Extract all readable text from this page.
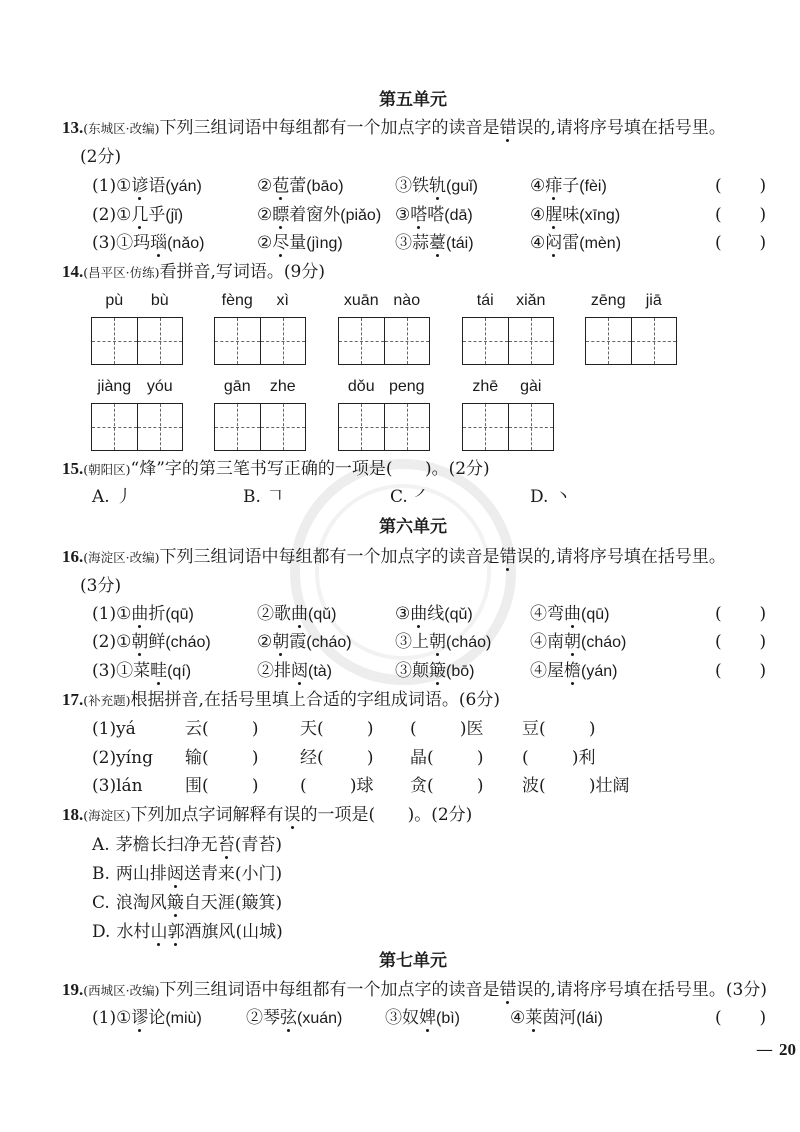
第五单元
13.(东城区·改编)下列三组词语中每组都有一个加点字的读音是错误的,请将序号填在括号里。
(2分)
14.(昌平区·仿练)看拼音,写词语。(9分)
15.(朝阳区)“烽”字的第三笔书写正确的一项是(      )。(2分)
A. 丿	B. 𠃍	C. ㇒	D. 丶
第六单元
16.(海淀区·改编)下列三组词语中每组都有一个加点字的读音是错误的,请将序号填在括号里。
(3分)
17.(补充题)根据拼音,在括号里填上合适的字组成词语。(6分)
18.(海淀区)下列加点字词解释有误的一项是(      )。(2分)
A. 茅檐长扫净无苔(青苔)
B. 两山排闼送青来(小门)
C. 浪淘风簸自天涯(簸箕)
D. 水村山郭酒旗风(山城)
第七单元
19.(西城区·改编)下列三组词语中每组都有一个加点字的读音是错误的,请将序号填在括号里。(3分)
— 20
(1)①谚语(yán)	②苞蕾(bāo)	③铁轨(guǐ)	④痱子(fèi)	(       )
(2)①几乎(jǐ)	②瞟着窗外(piǎo) ③嗒嗒(dā)	④腥味(xīng)	(       )
(3)①玛瑙(nǎo)	②尽量(jìng)	③蒜薹(tái)	④闷雷(mèn)	(       )
(1)①曲折(qū)	②歌曲(qǔ)	③曲线(qǔ)	④弯曲(qū)	(       )
(2)①朝鲜(cháo)	②朝霞(cháo)	③上朝(cháo) ④南朝(cháo)	(       )
(3)①菜畦(qí)	②排闼(tà)	③颠簸(bō)	④屋檐(yán)	(       )
(1)①谬论(miù)	②琴弦(xuán)	③奴婢(bì)	④莱茵河(lái)	(       )
pù	bù	fèng	xì	xuān nào	tái	xiǎn	zēng	jiā
jiàng yóu	gān	zhe	dǒu peng	zhē	gài
(1)yá	云(        ) 天(        ) (        )医 豆(        )
(2)yíng 输(        ) 经(        ) 晶(        ) (        )利
(3)lán 围(        ) (        )球 贪(        ) 波(        )壮阔
